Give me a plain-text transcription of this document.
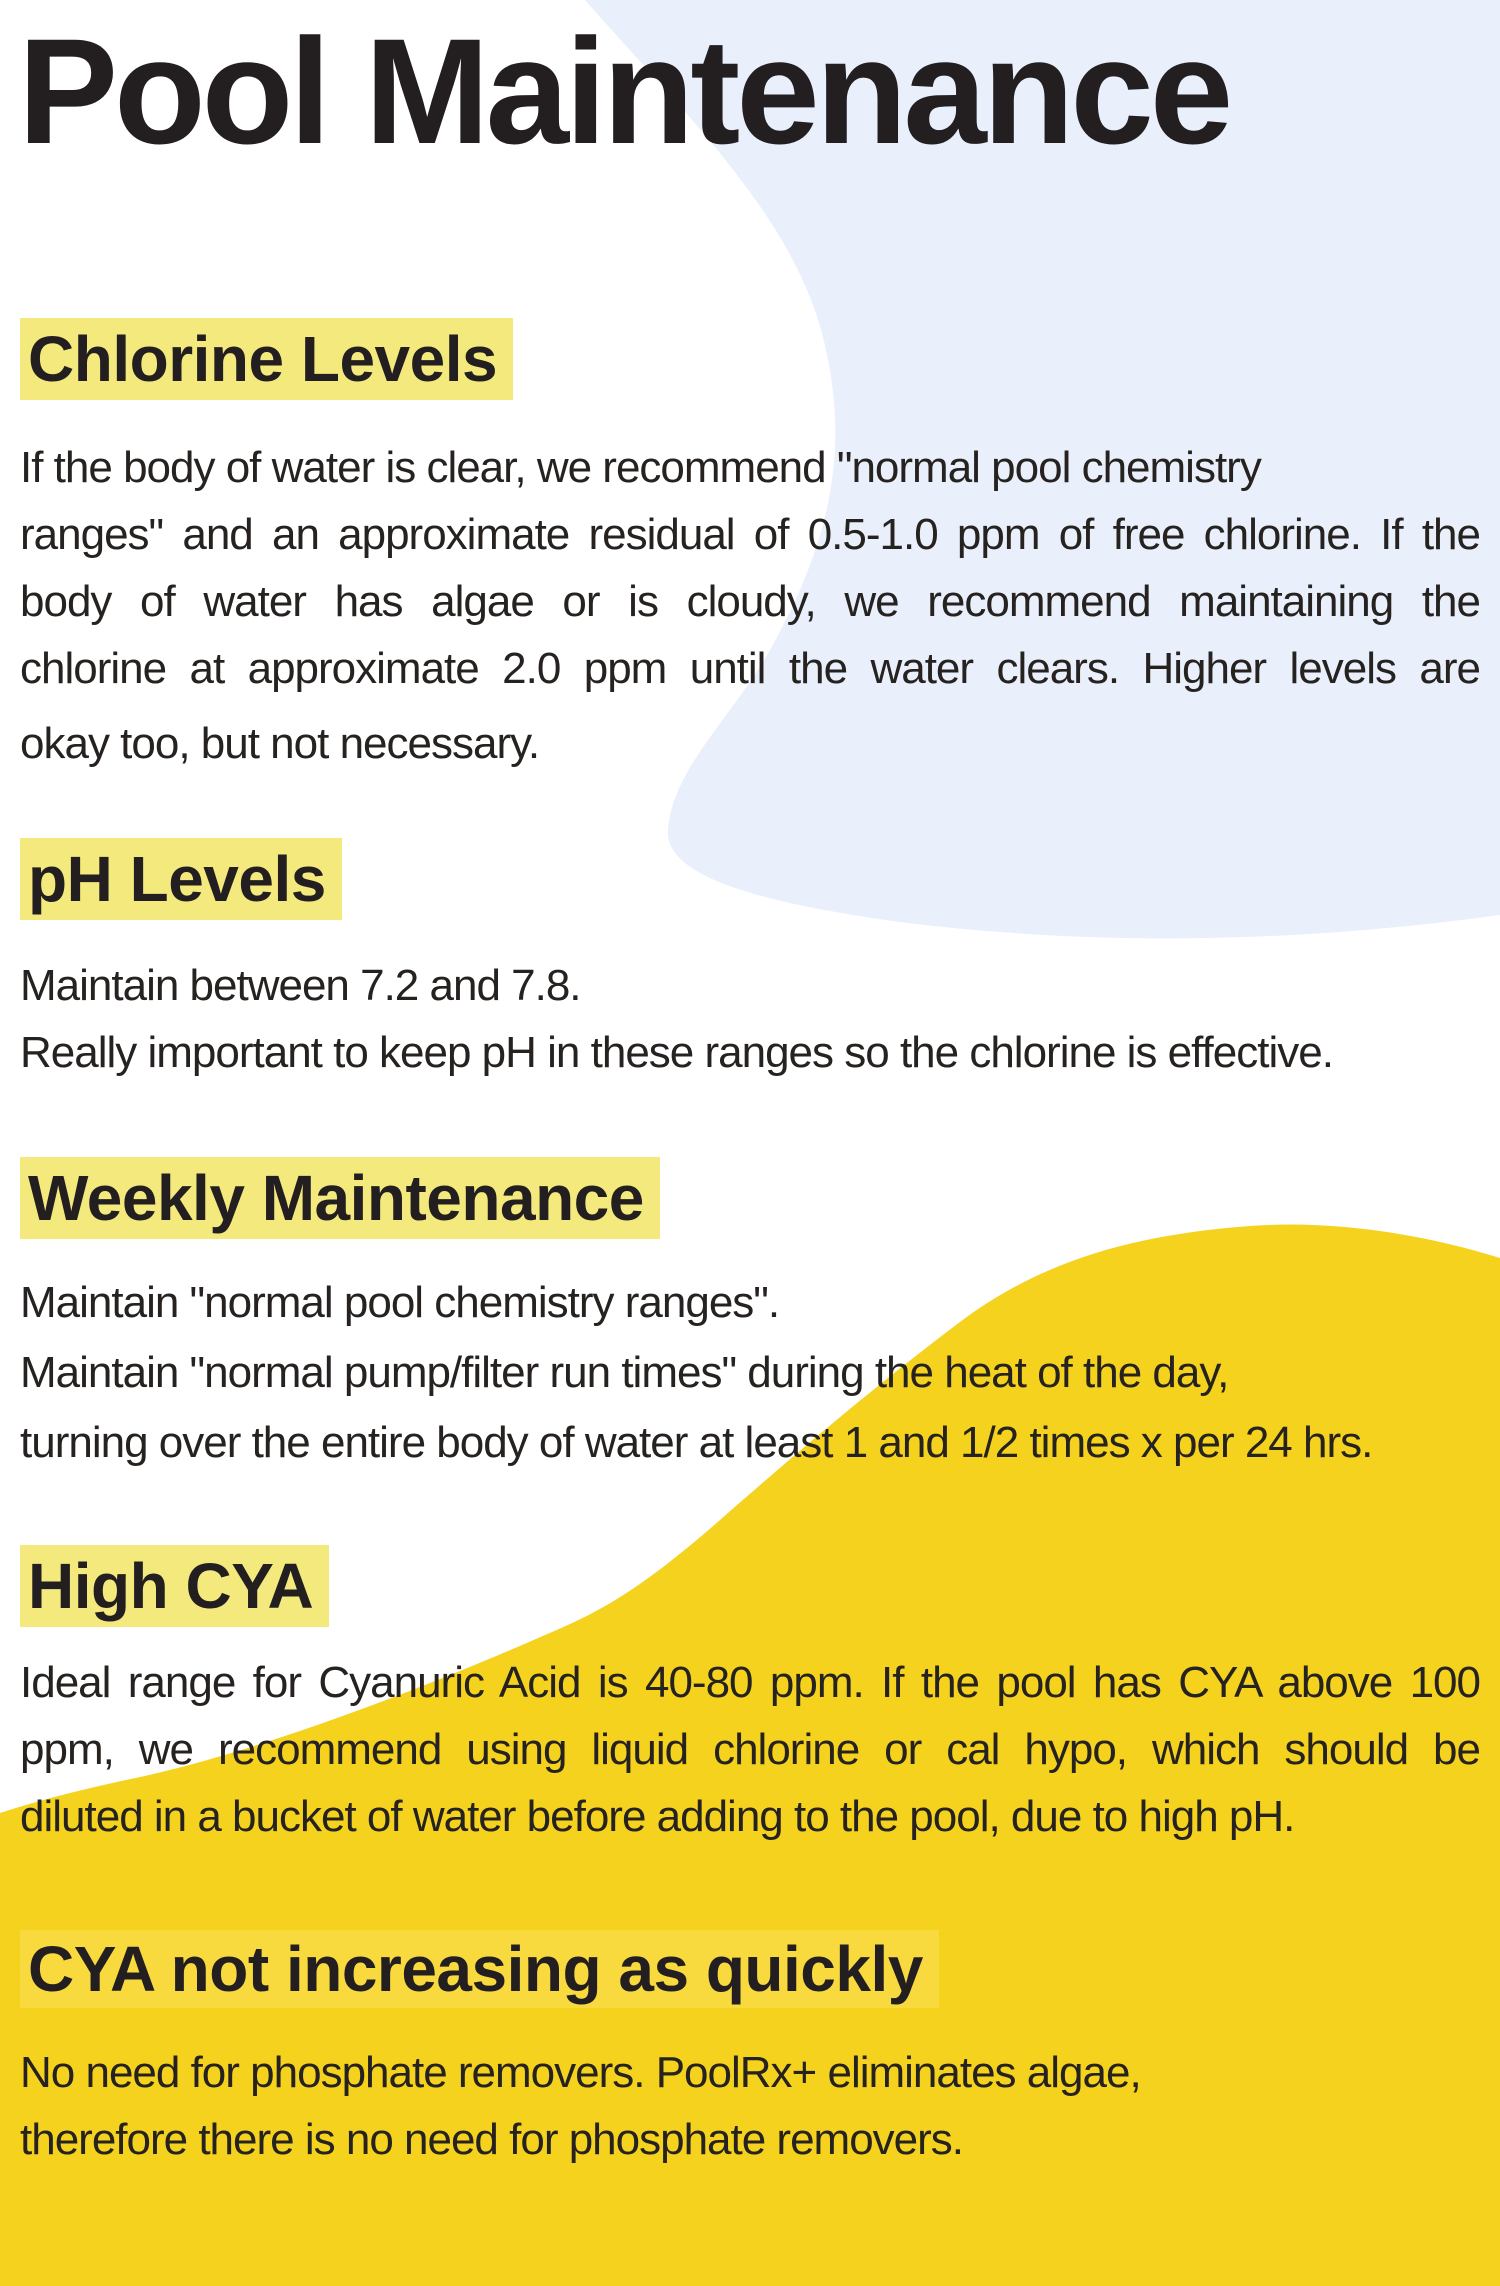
Pool Maintenance
Chlorine Levels
If the body of water is clear, we recommend "normal pool chemistry
ranges" and an approximate residual of 0.5-1.0 ppm of free chlorine. If the
body of water has algae or is cloudy, we recommend maintaining the
chlorine at approximate 2.0 ppm until the water clears. Higher levels are
okay too, but not necessary.
pH Levels
Maintain between 7.2 and 7.8.
Really important to keep pH in these ranges so the chlorine is effective.
Weekly Maintenance
Maintain "normal pool chemistry ranges".
Maintain "normal pump/filter run times" during the heat of the day,
turning over the entire body of water at least 1 and 1/2 times x per 24 hrs.
High CYA
Ideal range for Cyanuric Acid is 40-80 ppm. If the pool has CYA above 100
ppm, we recommend using liquid chlorine or cal hypo, which should be
diluted in a bucket of water before adding to the pool, due to high pH.
CYA not increasing as quickly
No need for phosphate removers. PoolRx+ eliminates algae,
therefore there is no need for phosphate removers.
